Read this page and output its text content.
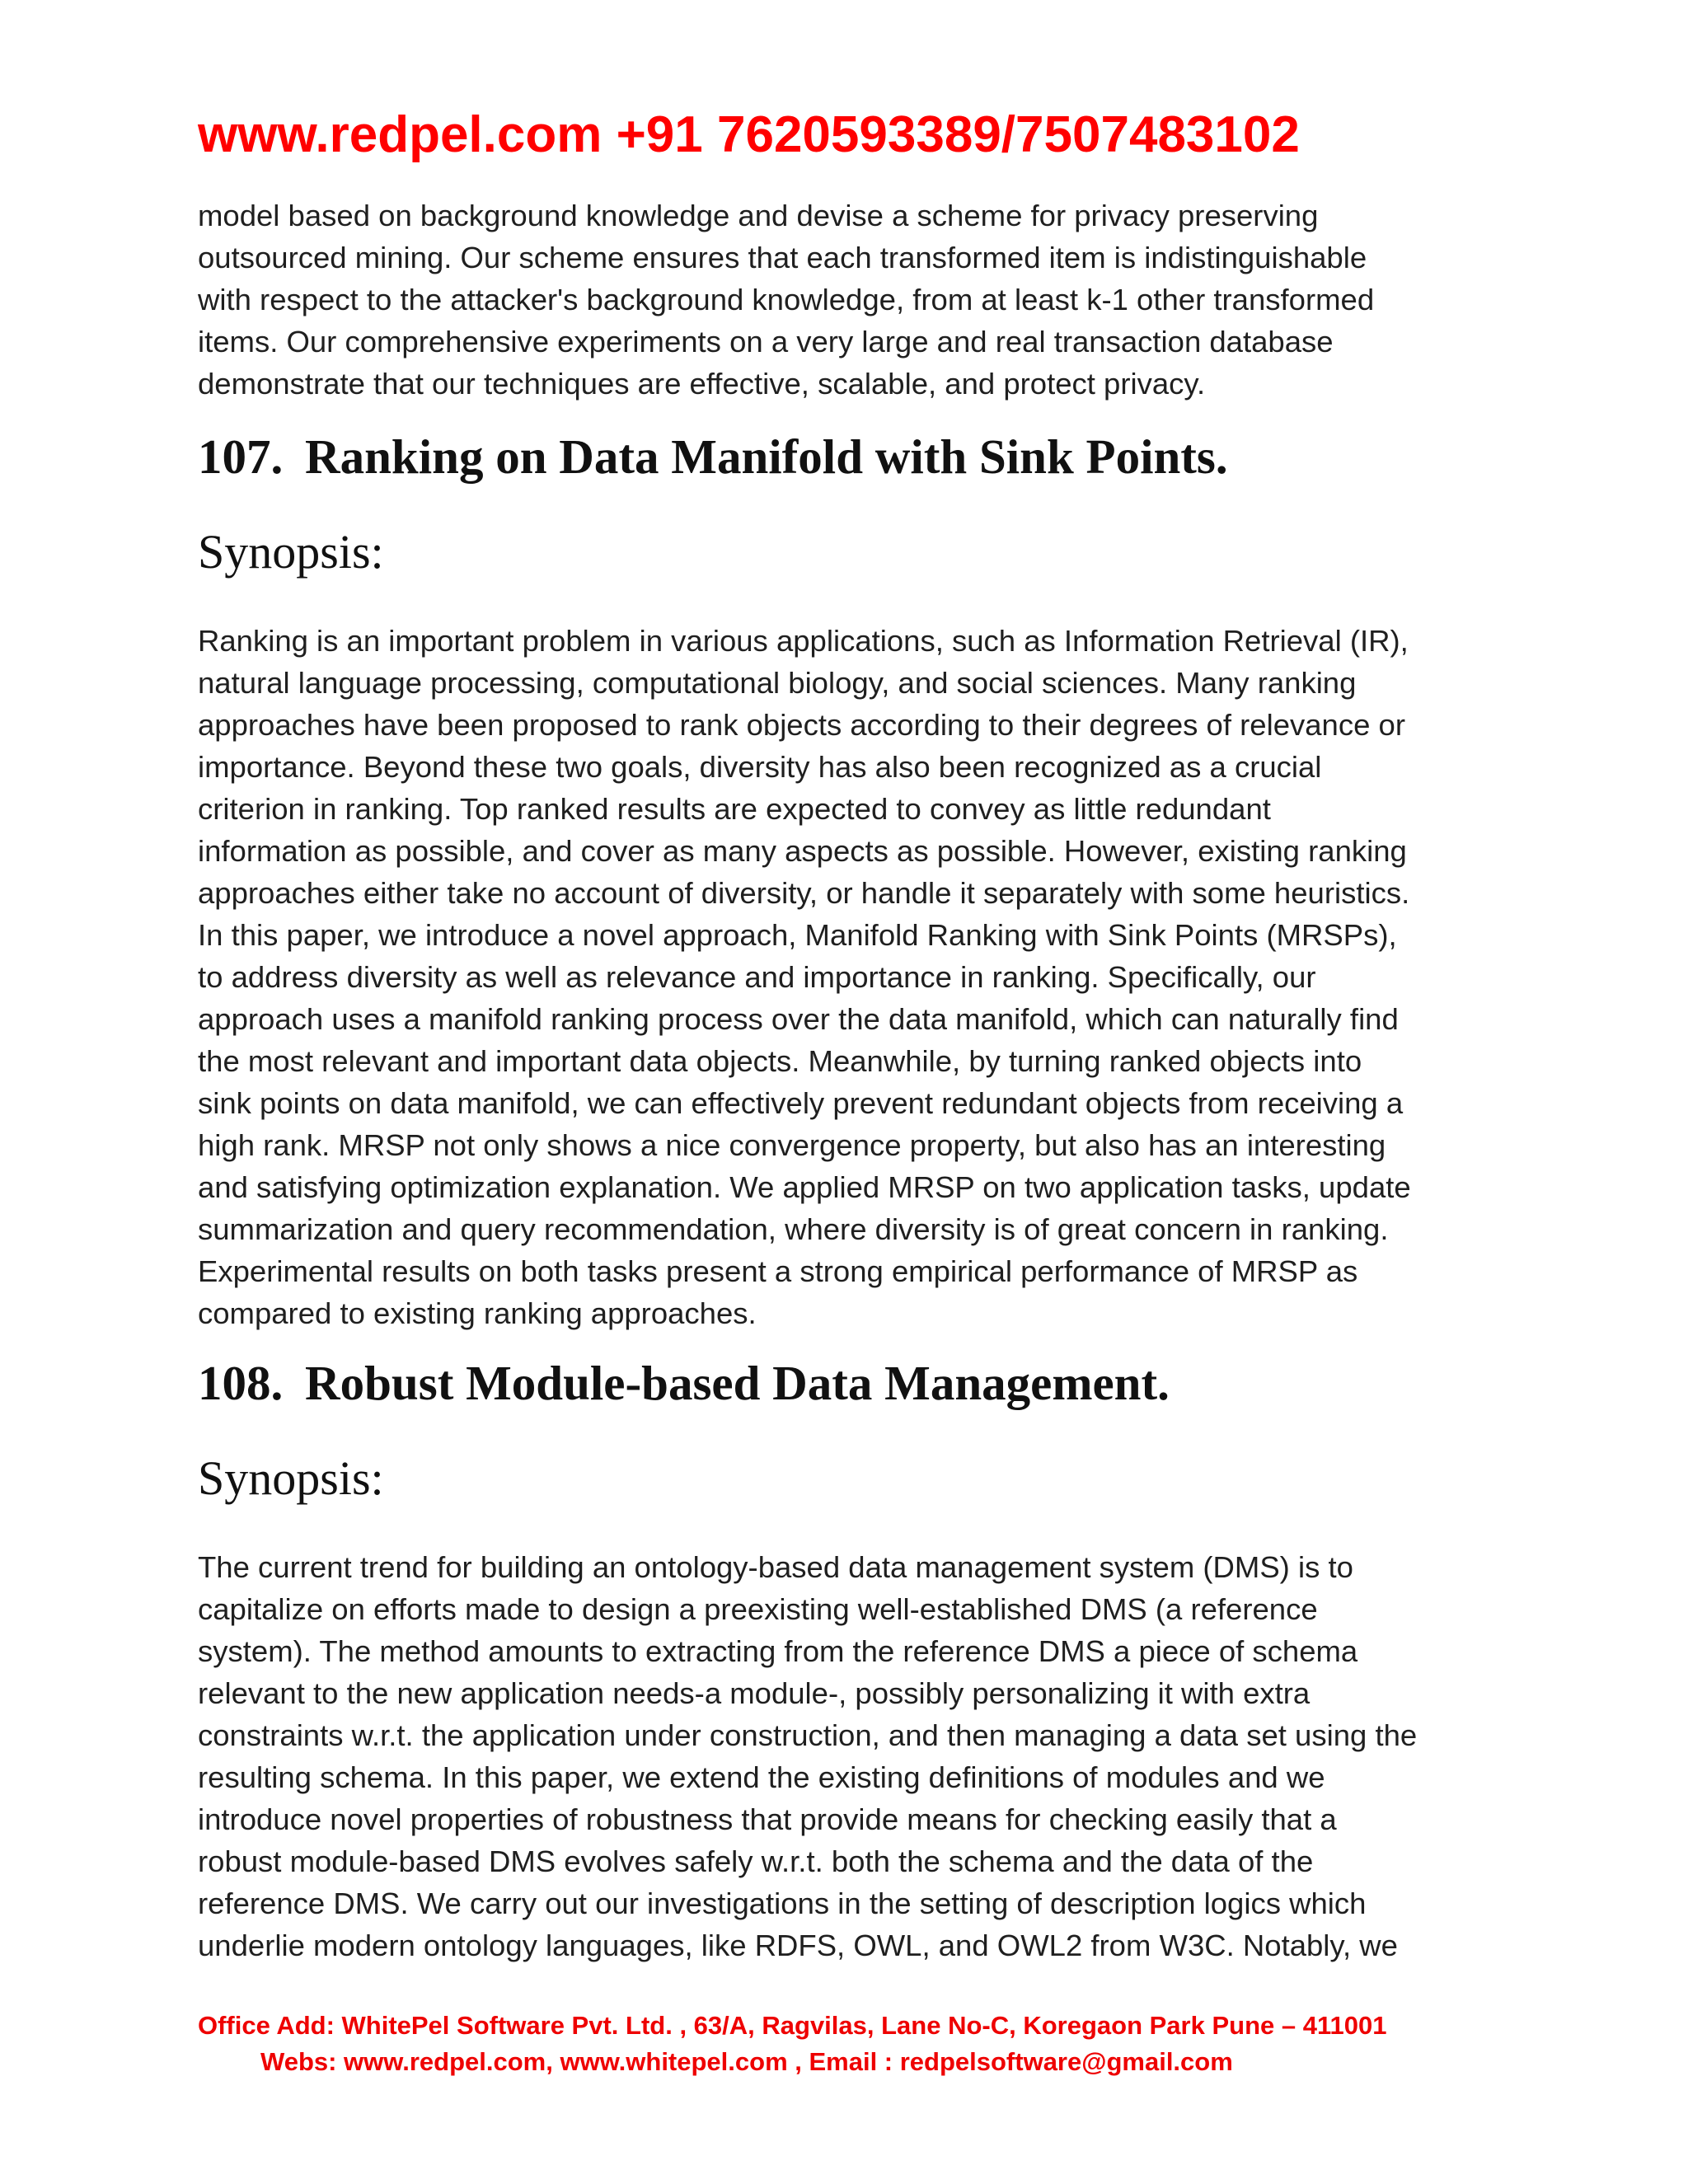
www.redpel.com +91 7620593389/7507483102
model based on background knowledge and devise a scheme for privacy preserving
outsourced mining. Our scheme ensures that each transformed item is indistinguishable
with respect to the attacker's background knowledge, from at least k-1 other transformed
items. Our comprehensive experiments on a very large and real transaction database
demonstrate that our techniques are effective, scalable, and protect privacy.
107. Ranking on Data Manifold with Sink Points.
Synopsis:
Ranking is an important problem in various applications, such as Information Retrieval (IR),
natural language processing, computational biology, and social sciences. Many ranking
approaches have been proposed to rank objects according to their degrees of relevance or
importance. Beyond these two goals, diversity has also been recognized as a crucial
criterion in ranking. Top ranked results are expected to convey as little redundant
information as possible, and cover as many aspects as possible. However, existing ranking
approaches either take no account of diversity, or handle it separately with some heuristics.
In this paper, we introduce a novel approach, Manifold Ranking with Sink Points (MRSPs),
to address diversity as well as relevance and importance in ranking. Specifically, our
approach uses a manifold ranking process over the data manifold, which can naturally find
the most relevant and important data objects. Meanwhile, by turning ranked objects into
sink points on data manifold, we can effectively prevent redundant objects from receiving a
high rank. MRSP not only shows a nice convergence property, but also has an interesting
and satisfying optimization explanation. We applied MRSP on two application tasks, update
summarization and query recommendation, where diversity is of great concern in ranking.
Experimental results on both tasks present a strong empirical performance of MRSP as
compared to existing ranking approaches.
108. Robust Module-based Data Management.
Synopsis:
The current trend for building an ontology-based data management system (DMS) is to
capitalize on efforts made to design a preexisting well-established DMS (a reference
system). The method amounts to extracting from the reference DMS a piece of schema
relevant to the new application needs-a module-, possibly personalizing it with extra
constraints w.r.t. the application under construction, and then managing a data set using the
resulting schema. In this paper, we extend the existing definitions of modules and we
introduce novel properties of robustness that provide means for checking easily that a
robust module-based DMS evolves safely w.r.t. both the schema and the data of the
reference DMS. We carry out our investigations in the setting of description logics which
underlie modern ontology languages, like RDFS, OWL, and OWL2 from W3C. Notably, we
Office Add: WhitePel Software Pvt. Ltd. , 63/A, Ragvilas, Lane No-C, Koregaon Park Pune – 411001
Webs: www.redpel.com, www.whitepel.com , Email : redpelsoftware@gmail.com
